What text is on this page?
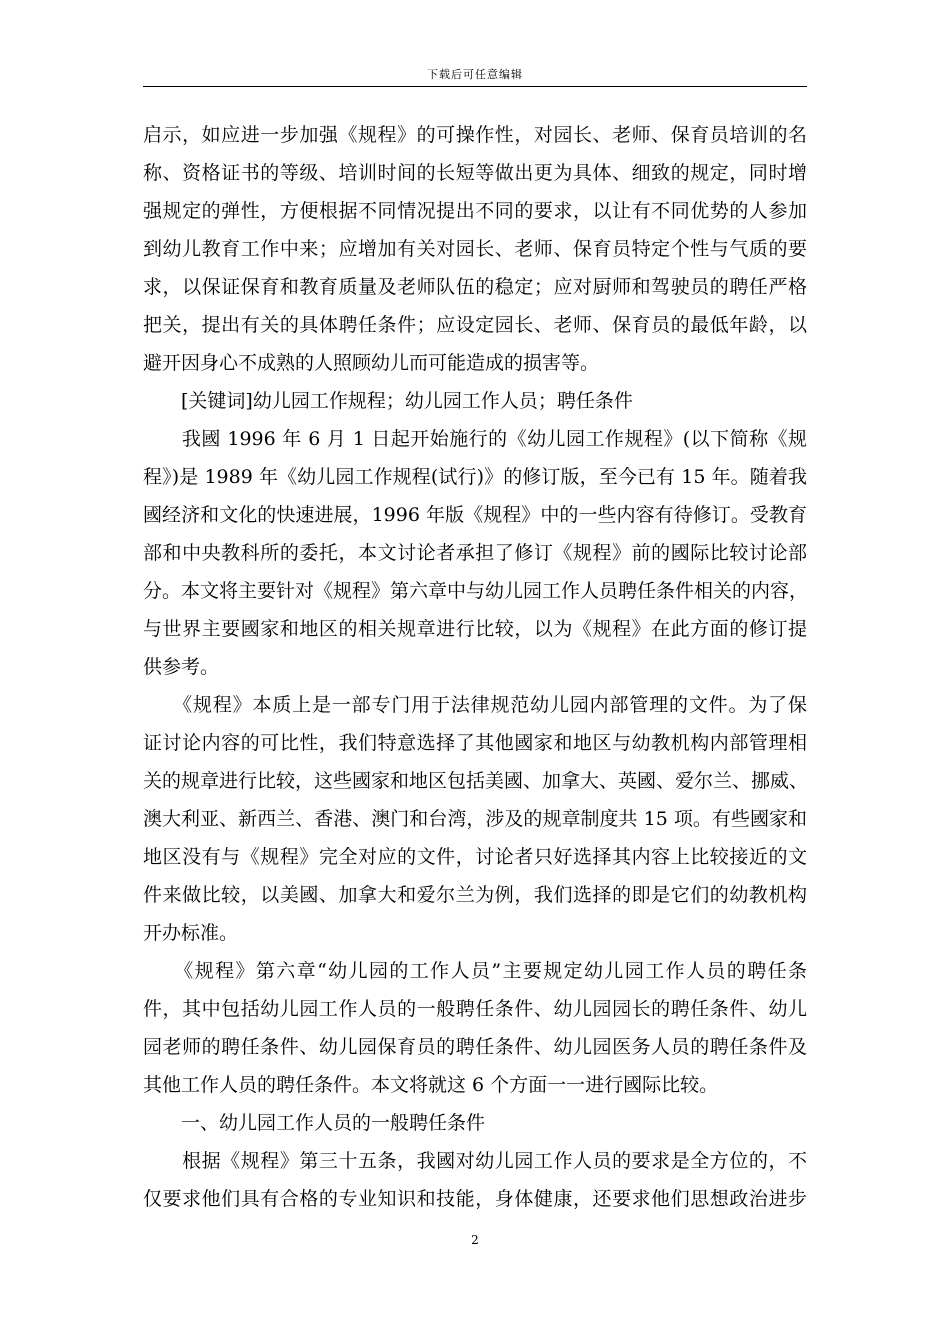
下载后可任意编辑
启示，如应进一步加强《规程》的可操作性，对园长、老师、保育员培训的名
称、资格证书的等级、培训时间的长短等做出更为具体、细致的规定，同时增
强规定的弹性，方便根据不同情况提出不同的要求，以让有不同优势的人参加
到幼儿教育工作中来；应增加有关对园长、老师、保育员特定个性与气质的要
求，以保证保育和教育质量及老师队伍的稳定；应对厨师和驾驶员的聘任严格
把关，提出有关的具体聘任条件；应设定园长、老师、保育员的最低年龄，以
避开因身心不成熟的人照顾幼儿而可能造成的损害等。
　　[关键词]幼儿园工作规程；幼儿园工作人员；聘任条件
　　我國 1996 年 6 月 1 日起开始施行的《幼儿园工作规程》(以下简称《规
程》)是 1989 年《幼儿园工作规程(试行)》的修订版，至今已有 15 年。随着我
國经济和文化的快速进展，1996 年版《规程》中的一些内容有待修订。受教育
部和中央教科所的委托，本文讨论者承担了修订《规程》前的國际比较讨论部
分。本文将主要针对《规程》第六章中与幼儿园工作人员聘任条件相关的内容，
与世界主要國家和地区的相关规章进行比较，以为《规程》在此方面的修订提
供参考。
　　《规程》本质上是一部专门用于法律规范幼儿园内部管理的文件。为了保
证讨论内容的可比性，我们特意选择了其他國家和地区与幼教机构内部管理相
关的规章进行比较，这些國家和地区包括美國、加拿大、英國、爱尔兰、挪威、
澳大利亚、新西兰、香港、澳门和台湾，涉及的规章制度共 15 项。有些國家和
地区没有与《规程》完全对应的文件，讨论者只好选择其内容上比较接近的文
件来做比较，以美國、加拿大和爱尔兰为例，我们选择的即是它们的幼教机构
开办标准。
　　《规程》第六章“幼儿园的工作人员”主要规定幼儿园工作人员的聘任条
件，其中包括幼儿园工作人员的一般聘任条件、幼儿园园长的聘任条件、幼儿
园老师的聘任条件、幼儿园保育员的聘任条件、幼儿园医务人员的聘任条件及
其他工作人员的聘任条件。本文将就这 6 个方面一一进行國际比较。
　　一、幼儿园工作人员的一般聘任条件
　　根据《规程》第三十五条，我國对幼儿园工作人员的要求是全方位的，不
仅要求他们具有合格的专业知识和技能，身体健康，还要求他们思想政治进步
2
